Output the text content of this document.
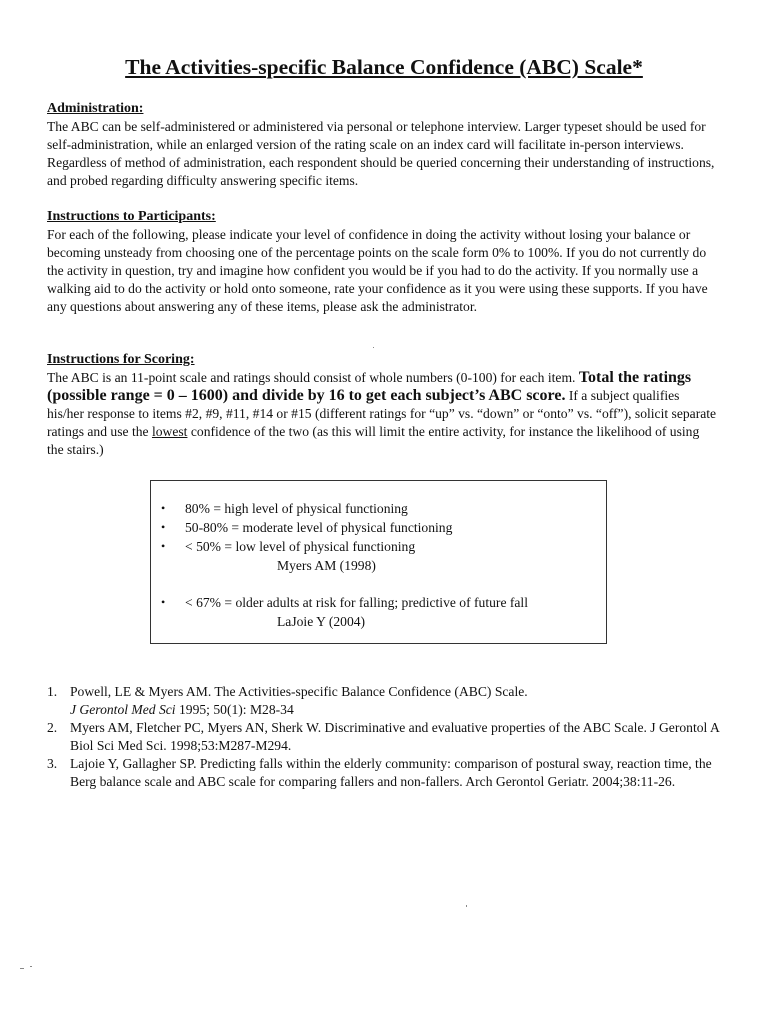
The Activities-specific Balance Confidence (ABC) Scale*

Administration:

The ABC can be self-administered or administered via personal or telephone interview. Larger typeset should be used for self-administration, while an enlarged version of the rating scale on an index card will facilitate in-person interviews. Regardless of method of administration, each respondent should be queried concerning their understanding of instructions, and probed regarding difficulty answering specific items.

Instructions to Participants:

For each of the following, please indicate your level of confidence in doing the activity without losing your balance or becoming unsteady from choosing one of the percentage points on the scale form 0% to 100%. If you do not currently do the activity in question, try and imagine how confident you would be if you had to do the activity. If you normally use a walking aid to do the activity or hold onto someone, rate your confidence as it you were using these supports. If you have any questions about answering any of these items, please ask the administrator.

Instructions for Scoring:

The ABC is an 11-point scale and ratings should consist of whole numbers (0-100) for each item. Total the ratings (possible range = 0 – 1600) and divide by 16 to get each subject’s ABC score. If a subject qualifies his/her response to items #2, #9, #11, #14 or #15 (different ratings for “up” vs. “down” or “onto” vs. “off”), solicit separate ratings and use the lowest confidence of the two (as this will limit the entire activity, for instance the likelihood of using the stairs.)

• 80% = high level of physical functioning
• 50-80% = moderate level of physical functioning
• < 50% = low level of physical functioning
Myers AM (1998)
• < 67% = older adults at risk for falling; predictive of future fall
LaJoie Y (2004)

1. Powell, LE & Myers AM. The Activities-specific Balance Confidence (ABC) Scale.
J Gerontol Med Sci 1995; 50(1): M28-34

2. Myers AM, Fletcher PC, Myers AN, Sherk W. Discriminative and evaluative properties of the ABC Scale. J Gerontol A Biol Sci Med Sci. 1998;53:M287-M294.

3. Lajoie Y, Gallagher SP. Predicting falls within the elderly community: comparison of postural sway, reaction time, the Berg balance scale and ABC scale for comparing fallers and non-fallers. Arch Gerontol Geriatr. 2004;38:11-26.
